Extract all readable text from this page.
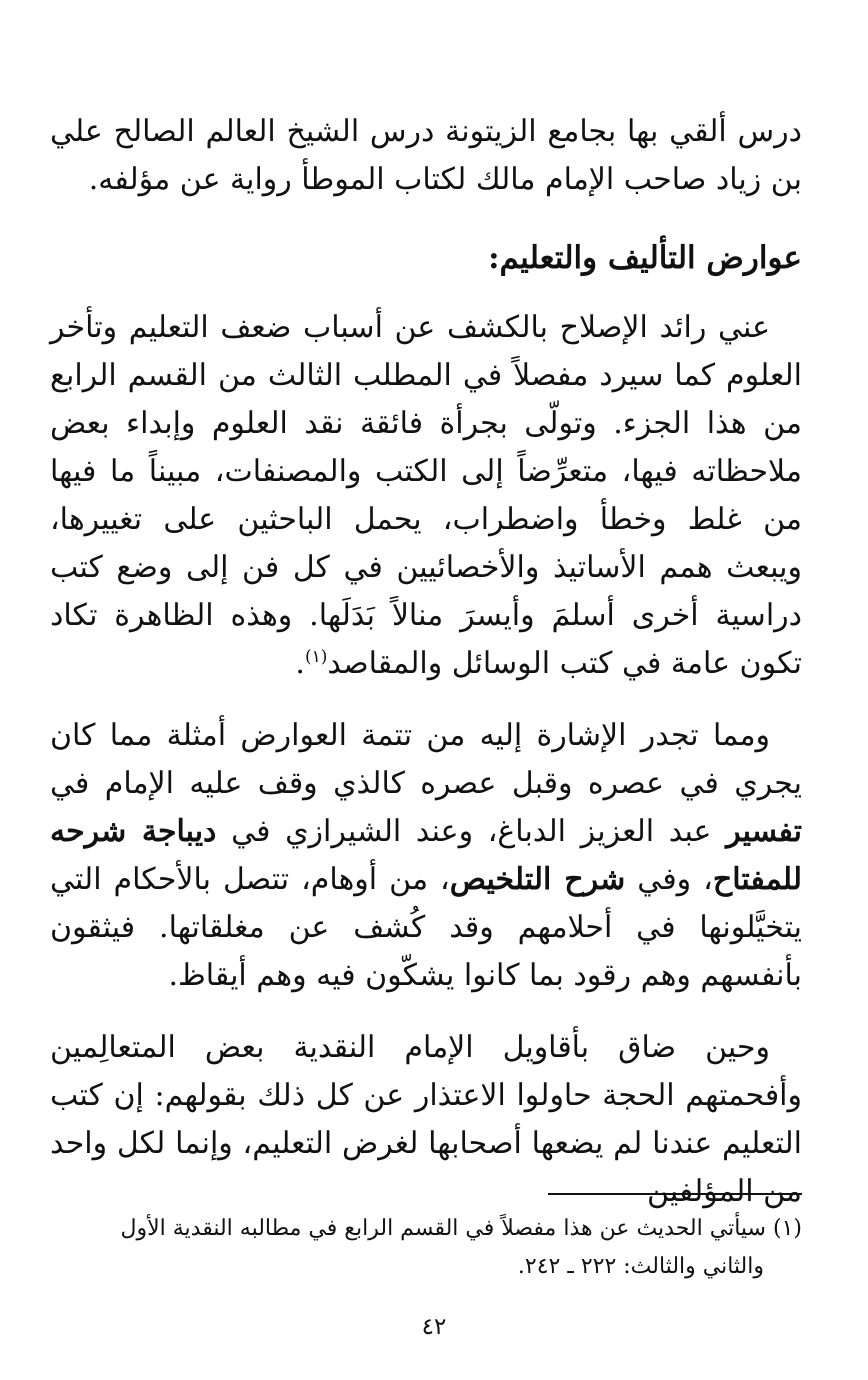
درس ألقي بها بجامع الزيتونة درس الشيخ العالم الصالح علي بن زياد صاحب الإمام مالك لكتاب الموطأ رواية عن مؤلفه.

عوارض التأليف والتعليم:

عني رائد الإصلاح بالكشف عن أسباب ضعف التعليم وتأخر العلوم كما سيرد مفصلاً في المطلب الثالث من القسم الرابع من هذا الجزء. وتولّى بجرأة فائقة نقد العلوم وإبداء بعض ملاحظاته فيها، متعرِّضاً إلى الكتب والمصنفات، مبيناً ما فيها من غلط وخطأ واضطراب، يحمل الباحثين على تغييرها، ويبعث همم الأساتيذ والأخصائيين في كل فن إلى وضع كتب دراسية أخرى أسلمَ وأيسرَ منالاً بَدَلَها. وهذه الظاهرة تكاد تكون عامة في كتب الوسائل والمقاصد$^{(١)}$.

ومما تجدر الإشارة إليه من تتمة العوارض أمثلة مما كان يجري في عصره وقبل عصره كالذي وقف عليه الإمام في تفسير عبد العزيز الدباغ، وعند الشيرازي في ديباجة شرحه للمفتاح، وفي شرح التلخيص، من أوهام، تتصل بالأحكام التي يتخيَّلونها في أحلامهم وقد كُشف عن مغلقاتها. فيثقون بأنفسهم وهم رقود بما كانوا يشكّون فيه وهم أيقاظ.

وحين ضاق بأقاويل الإمام النقدية بعض المتعالِمين وأفحمتهم الحجة حاولوا الاعتذار عن كل ذلك بقولهم: إن كتب التعليم عندنا لم يضعها أصحابها لغرض التعليم، وإنما لكل واحد من المؤلفين

(١) سيأتي الحديث عن هذا مفصلاً في القسم الرابع في مطالبه النقدية الأول
والثاني والثالث: ٢٢٢ ـ ٢٤٢.
٤٢
